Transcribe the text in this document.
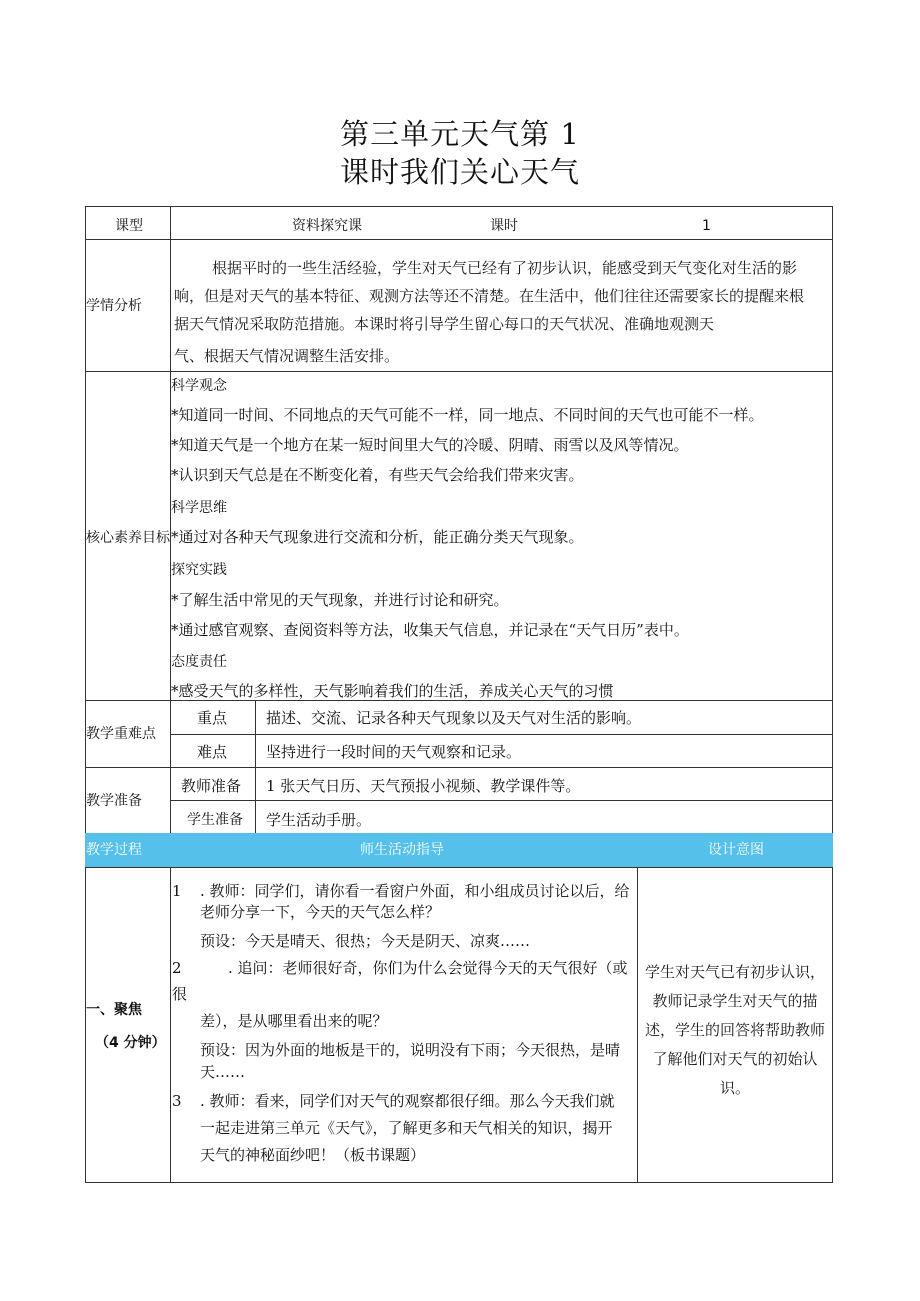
第三单元天气第 1
课时我们关心天气
课型	资料探究课	课时	1
学情分析
根据平时的一些生活经验，学生对天气已经有了初步认识，能感受到天气变化对生活的影
响，但是对天气的基本特征、观测方法等还不清楚。在生活中，他们往往还需要家长的提醒来根
据天气情况采取防范措施。本课时将引导学生留心每口的天气状况、准确地观测天
气、根据天气情况调整生活安排。
核心素养目标
科学观念
*知道同一时间、不同地点的天气可能不一样，同一地点、不同时间的天气也可能不一样。
*知道天气是一个地方在某一短时间里大气的冷暖、阴晴、雨雪以及风等情况。
*认识到天气总是在不断变化着，有些天气会给我们带来灾害。
科学思维
*通过对各种天气现象进行交流和分析，能正确分类天气现象。
探究实践
*了解生活中常见的天气现象，并进行讨论和研究。
*通过感官观察、查阅资料等方法，收集天气信息，并记录在“天气日历”表中。
态度责任
*感受天气的多样性，天气影响着我们的生活，养成关心天气的习惯
教学重难点
重点	描述、交流、记录各种天气现象以及天气对生活的影响。
难点	坚持进行一段时间的天气观察和记录。
教学准备
教师准备 1 张天气日历、天气预报小视频、教学课件等。
学生准备 学生活动手册。
教学过程	师生活动指导	设计意图
一、聚焦
（4 分钟）
1 . 教师：同学们，请你看一看窗户外面，和小组成员讨论以后，给
老师分享一下，今天的天气怎么样？
预设：今天是晴天、很热；今天是阴天、凉爽……
2	. 追问：老师很好奇，你们为什么会觉得今天的天气很好（或
很
差），是从哪里看出来的呢？
预设：因为外面的地板是干的，说明没有下雨；今天很热，是晴
天……
3 . 教师：看来，同学们对天气的观察都很仔细。那么今天我们就
一起走进第三单元《天气》，了解更多和天气相关的知识，揭开
天气的神秘面纱吧！（板书课题）
学生对天气已有初步认识，
教师记录学生对天气的描
述，学生的回答将帮助教师
了解他们对天气的初始认
识。
